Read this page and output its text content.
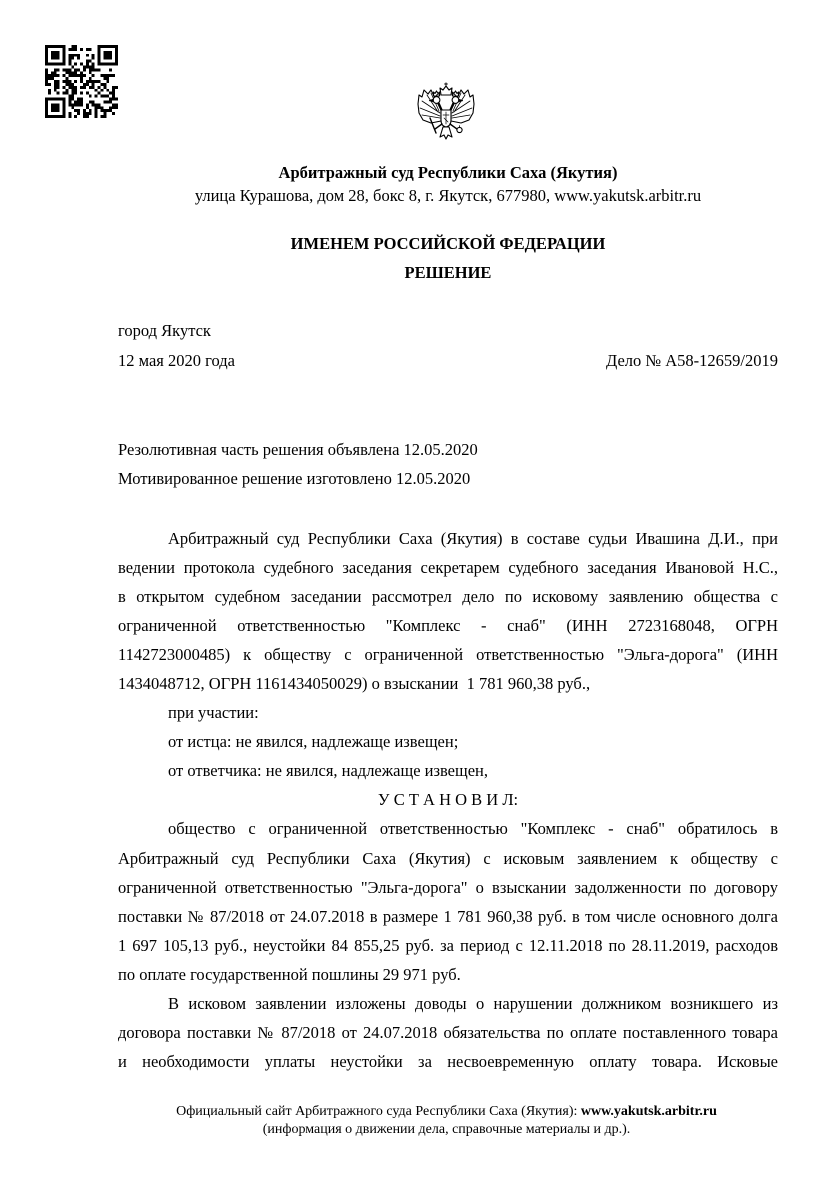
Арбитражный суд Республики Саха (Якутия)
улица Курашова, дом 28, бокс 8, г. Якутск, 677980, www.yakutsk.arbitr.ru
ИМЕНЕМ РОССИЙСКОЙ ФЕДЕРАЦИИ
РЕШЕНИЕ
город Якутск
12 мая 2020 года	Дело № А58-12659/2019
Резолютивная часть решения объявлена 12.05.2020
Мотивированное решение изготовлено 12.05.2020
Арбитражный суд Республики Саха (Якутия) в составе судьи Ивашина Д.И., при
ведении протокола судебного заседания секретарем судебного заседания Ивановой Н.С.,
в открытом судебном заседании рассмотрел дело по исковому заявлению общества с
ограниченной ответственностью "Комплекс - снаб" (ИНН 2723168048, ОГРН
1142723000485) к обществу с ограниченной ответственностью "Эльга-дорога" (ИНН
1434048712, ОГРН 1161434050029) о взыскании  1 781 960,38 руб.,
при участии:
от истца: не явился, надлежаще извещен;
от ответчика: не явился, надлежаще извещен,
У С Т А Н О В И Л:
общество с ограниченной ответственностью "Комплекс - снаб" обратилось в
Арбитражный суд Республики Саха (Якутия) с исковым заявлением к обществу с
ограниченной ответственностью "Эльга-дорога" о взыскании задолженности по договору
поставки № 87/2018 от 24.07.2018 в размере 1 781 960,38 руб. в том числе основного долга
1 697 105,13 руб., неустойки 84 855,25 руб. за период с 12.11.2018 по 28.11.2019, расходов
по оплате государственной пошлины 29 971 руб.
В исковом заявлении изложены доводы о нарушении должником возникшего из
договора поставки № 87/2018 от 24.07.2018 обязательства по оплате поставленного товара
и необходимости уплаты неустойки за несвоевременную оплату товара. Исковые
Официальный сайт Арбитражного суда Республики Саха (Якутия): www.yakutsk.arbitr.ru
(информация о движении дела, справочные материалы и др.).
